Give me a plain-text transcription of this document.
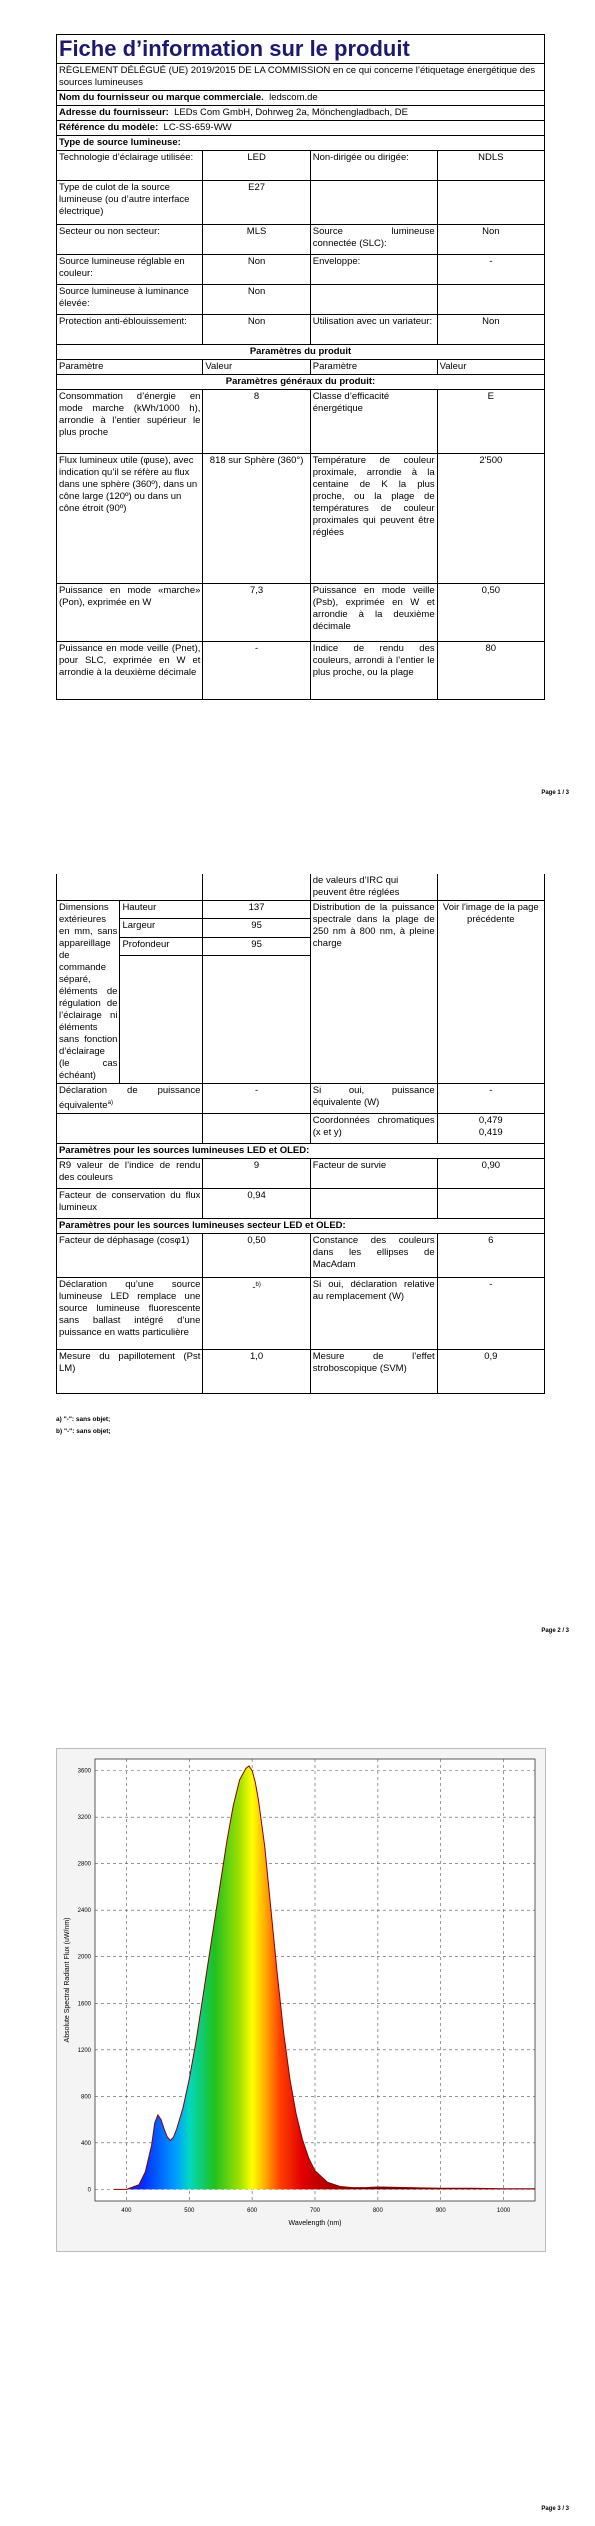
Fiche d’information sur le produit			
RÈGLEMENT DÉLÉGUÉ (UE) 2019/2015 DE LA COMMISSION en ce qui concerne l’étiquetage énergétique des sources lumineuses			
Nom du fournisseur ou marque commerciale. ledscom.de			
Adresse du fournisseur: LEDs Com GmbH, Dohrweg 2a, Mönchengladbach, DE			
Référence du modèle: LC-SS-659-WW			
Type de source lumineuse:			
Technologie d’éclairage utilisée:	LED	Non-dirigée ou dirigée:	NDLS
Type de culot de la source lumineuse (ou d’autre interface électrique)	E27		
Secteur ou non secteur:	MLS	Source lumineuse connectée (SLC):	Non
Source lumineuse réglable en couleur:	Non	Enveloppe:	-
Source lumineuse à luminance élevée:	Non		
Protection anti-éblouissement:	Non	Utilisation avec un variateur:	Non
Paramètres du produit			
Paramètre	Valeur	Paramètre	Valeur
Paramètres généraux du produit:			
Consommation d’énergie en mode marche (kWh/1000 h), arrondie à l’entier supérieur le plus proche	8	Classe d’efficacité énergétique	E
Flux lumineux utile (φuse), avec indication qu’il se réfère au flux dans une sphère (360º), dans un cône large (120º) ou dans un cône étroit (90º)	818 sur Sphère (360°)	Température de couleur proximale, arrondie à la centaine de K la plus proche, ou la plage de températures de couleur proximales qui peuvent être réglées	2'500
Puissance en mode «marche» (Pon), exprimée en W	7,3	Puissance en mode veille (Psb), exprimée en W et arrondie à la deuxième décimale	0,50
Puissance en mode veille (Pnet), pour SLC, exprimée en W et arrondie à la deuxième décimale	-	Indice de rendu des couleurs, arrondi à l’entier le plus proche, ou la plage	80
Page 1 / 3
			de valeurs d’IRC qui peuvent être réglées	
Dimensions extérieures en mm, sans appareillage de commande séparé, éléments de régulation de l’éclairage ni éléments sans fonction d’éclairage (le cas échéant)	Hauteur	137	Distribution de la puissance spectrale dans la plage de 250 nm à 800 nm, à pleine charge	Voir l'image de la page précédente
	Largeur	95		
	Profondeur	95		

Déclaration de puissance équivalente$^{a)}$		-	Si oui, puissance équivalente (W)	-
			Coordonnées chromatiques (x et y)	0,479
0,419

Paramètres pour les sources lumineuses LED et OLED:				
R9 valeur de l’indice de rendu des couleurs		9	Facteur de survie	0,90
Facteur de conservation du flux lumineux		0,94		
Paramètres pour les sources lumineuses secteur LED et OLED:				
Facteur de déphasage (cosφ1)		0,50	Constance des couleurs dans les ellipses de MacAdam	6
Déclaration qu’une source lumineuse LED remplace une source lumineuse fluorescente sans ballast intégré d’une puissance en watts particulière		-$^{b)}$	Si oui, déclaration relative au remplacement (W)	-
Mesure du papillotement (Pst LM)		1,0	Mesure de l’effet stroboscopique (SVM)	0,9
a) "-": sans objet;
b) "-": sans objet;
Page 2 / 3
400	500	600	700	800	900	1000
0
400
800
1200
1600
2000
2400
2800
3200
3600
Wavelength (nm)
Absolute Spectral Radiant Flux (uW/nm)
Page 3 / 3
